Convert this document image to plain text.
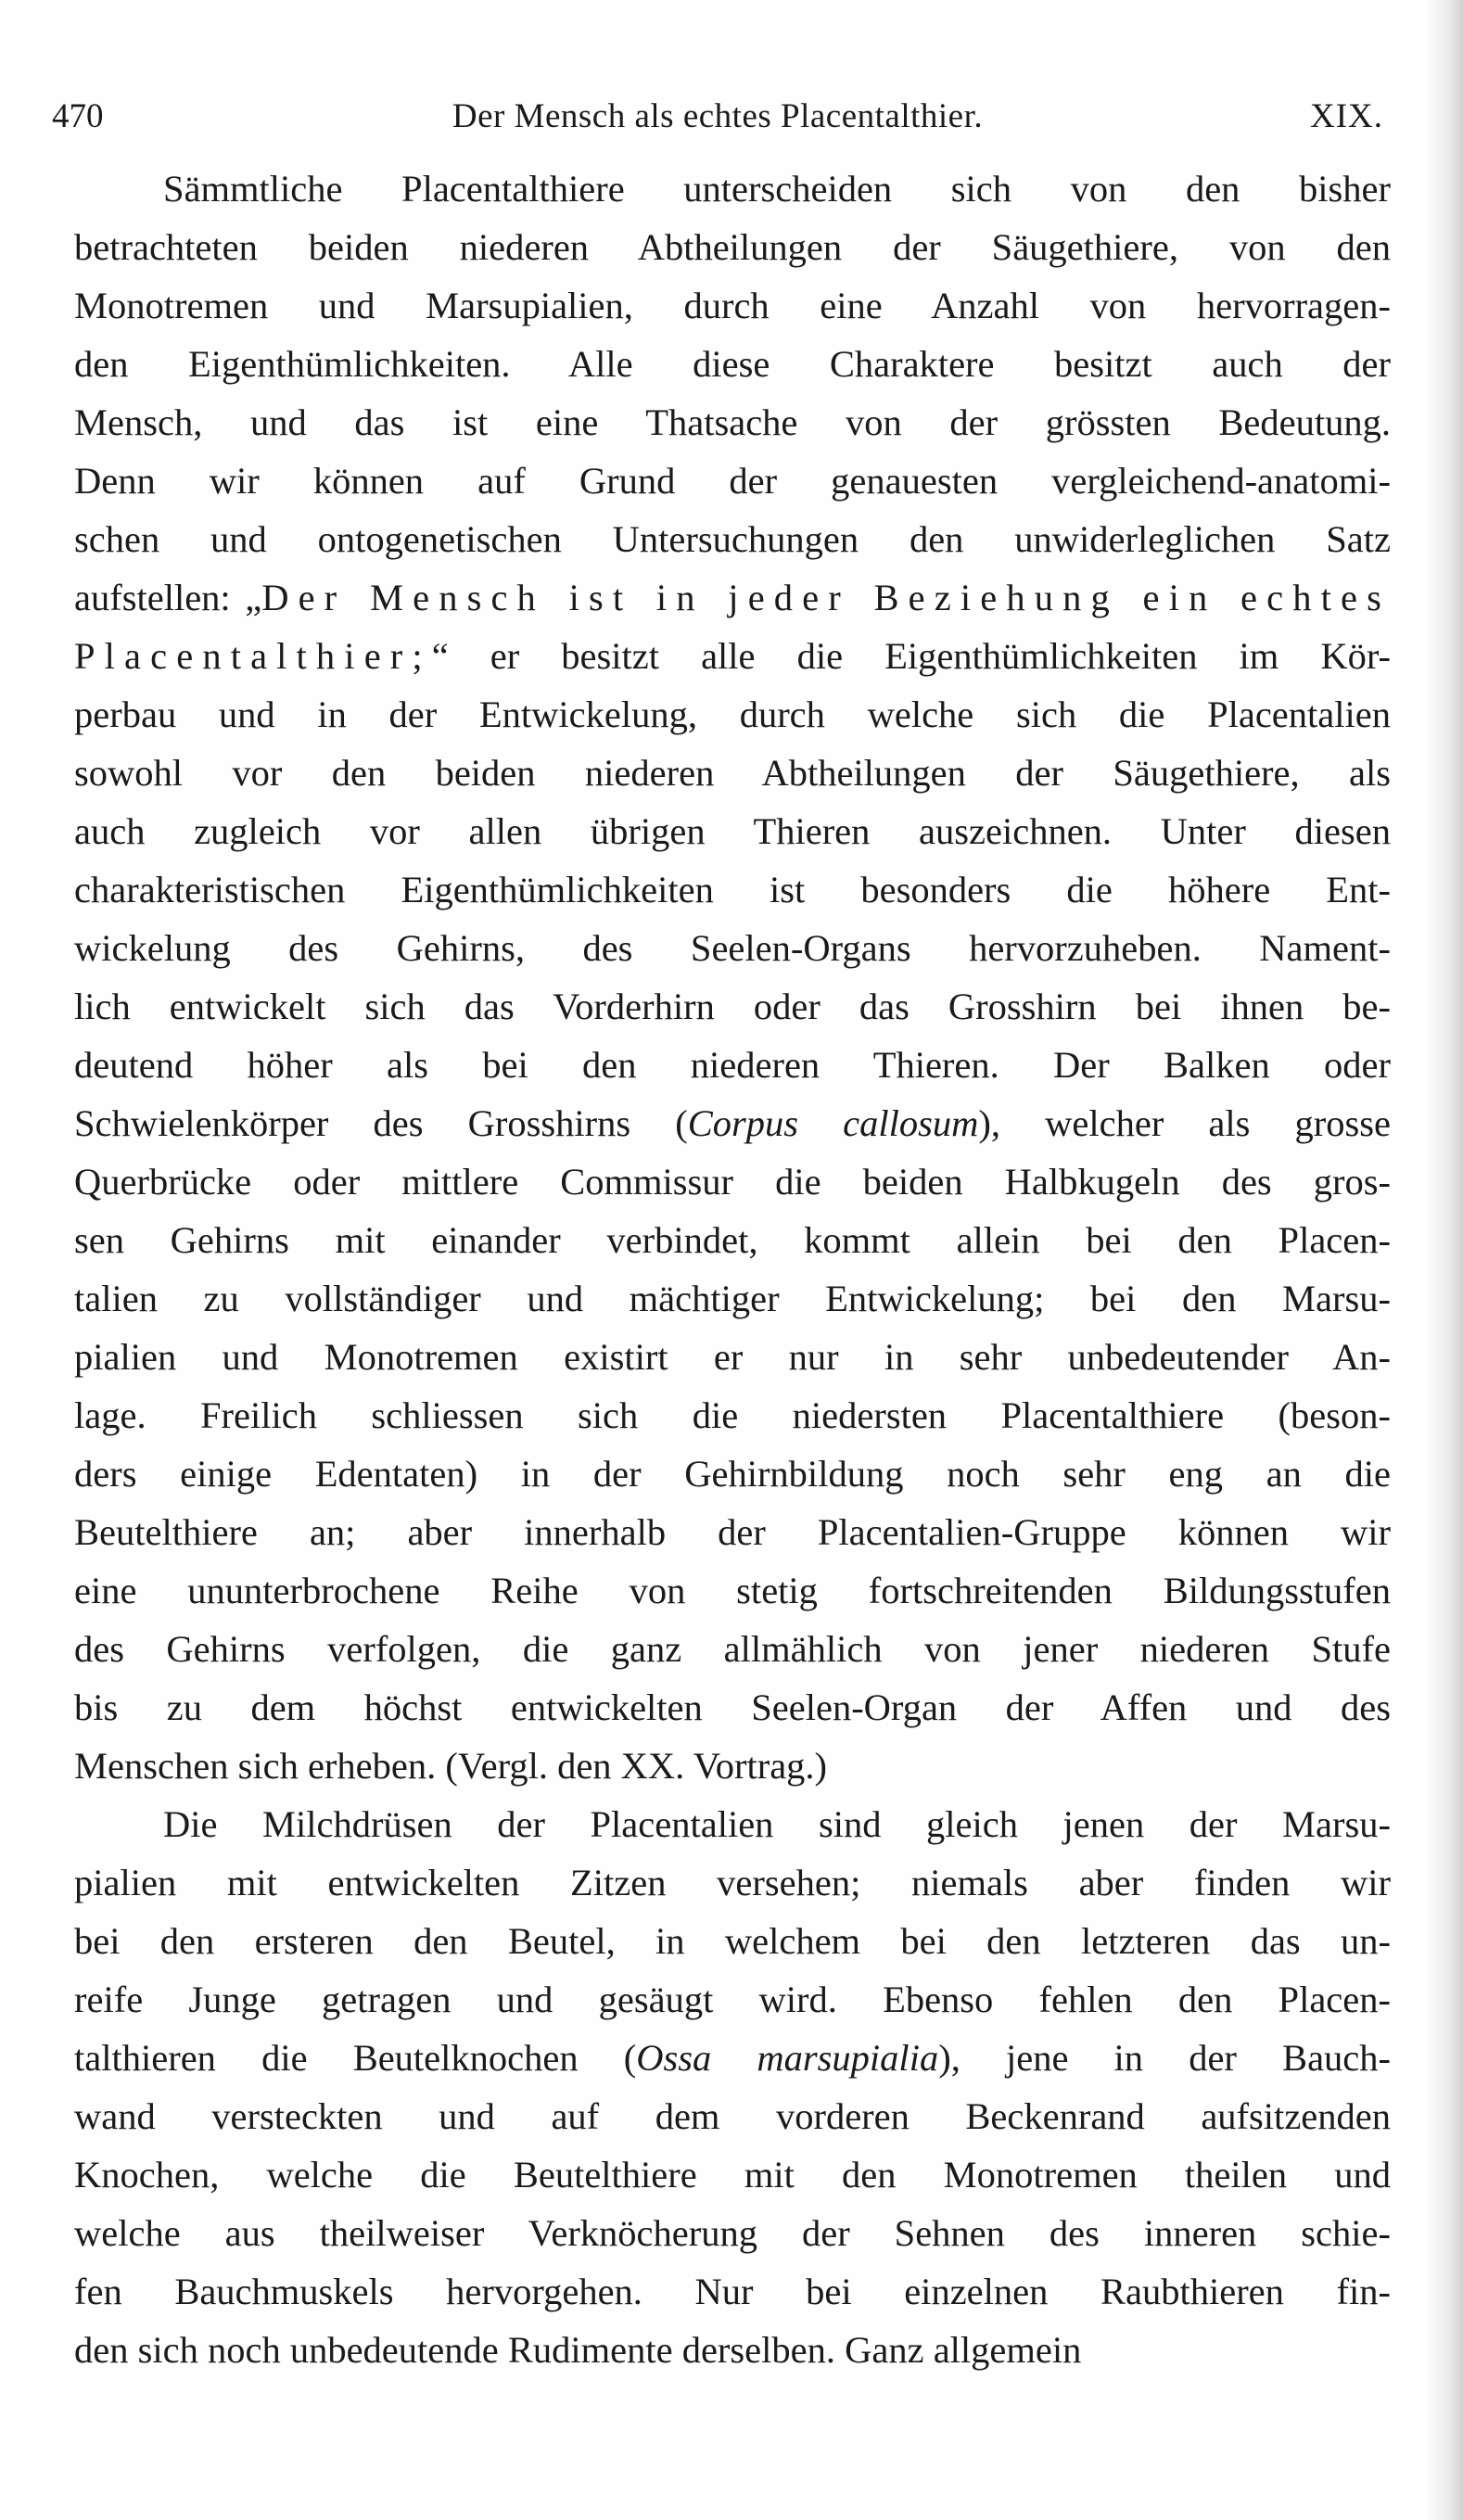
470	Der Mensch als echtes Placentalthier.	XIX.
Sämmtliche Placentalthiere unterscheiden sich von den bisher
betrachteten beiden niederen Abtheilungen der Säugethiere, von den
Monotremen und Marsupialien, durch eine Anzahl von hervorragen-
den Eigenthümlichkeiten. Alle diese Charaktere besitzt auch der
Mensch, und das ist eine Thatsache von der grössten Bedeutung.
Denn wir können auf Grund der genauesten vergleichend-anatomi-
schen und ontogenetischen Untersuchungen den unwiderleglichen Satz
aufstellen: „Der Mensch ist in jeder Beziehung ein echtes
Placentalthier;“ er besitzt alle die Eigenthümlichkeiten im Kör-
perbau und in der Entwickelung, durch welche sich die Placentalien
sowohl vor den beiden niederen Abtheilungen der Säugethiere, als
auch zugleich vor allen übrigen Thieren auszeichnen. Unter diesen
charakteristischen Eigenthümlichkeiten ist besonders die höhere Ent-
wickelung des Gehirns, des Seelen-Organs hervorzuheben. Nament-
lich entwickelt sich das Vorderhirn oder das Grosshirn bei ihnen be-
deutend höher als bei den niederen Thieren. Der Balken oder
Schwielenkörper des Grosshirns (Corpus callosum), welcher als grosse
Querbrücke oder mittlere Commissur die beiden Halbkugeln des gros-
sen Gehirns mit einander verbindet, kommt allein bei den Placen-
talien zu vollständiger und mächtiger Entwickelung; bei den Marsu-
pialien und Monotremen existirt er nur in sehr unbedeutender An-
lage. Freilich schliessen sich die niedersten Placentalthiere (beson-
ders einige Edentaten) in der Gehirnbildung noch sehr eng an die
Beutelthiere an; aber innerhalb der Placentalien-Gruppe können wir
eine ununterbrochene Reihe von stetig fortschreitenden Bildungsstufen
des Gehirns verfolgen, die ganz allmählich von jener niederen Stufe
bis zu dem höchst entwickelten Seelen-Organ der Affen und des
Menschen sich erheben. (Vergl. den XX. Vortrag.)
Die Milchdrüsen der Placentalien sind gleich jenen der Marsu-
pialien mit entwickelten Zitzen versehen; niemals aber finden wir
bei den ersteren den Beutel, in welchem bei den letzteren das un-
reife Junge getragen und gesäugt wird. Ebenso fehlen den Placen-
talthieren die Beutelknochen (Ossa marsupialia), jene in der Bauch-
wand versteckten und auf dem vorderen Beckenrand aufsitzenden
Knochen, welche die Beutelthiere mit den Monotremen theilen und
welche aus theilweiser Verknöcherung der Sehnen des inneren schie-
fen Bauchmuskels hervorgehen. Nur bei einzelnen Raubthieren fin-
den sich noch unbedeutende Rudimente derselben. Ganz allgemein
